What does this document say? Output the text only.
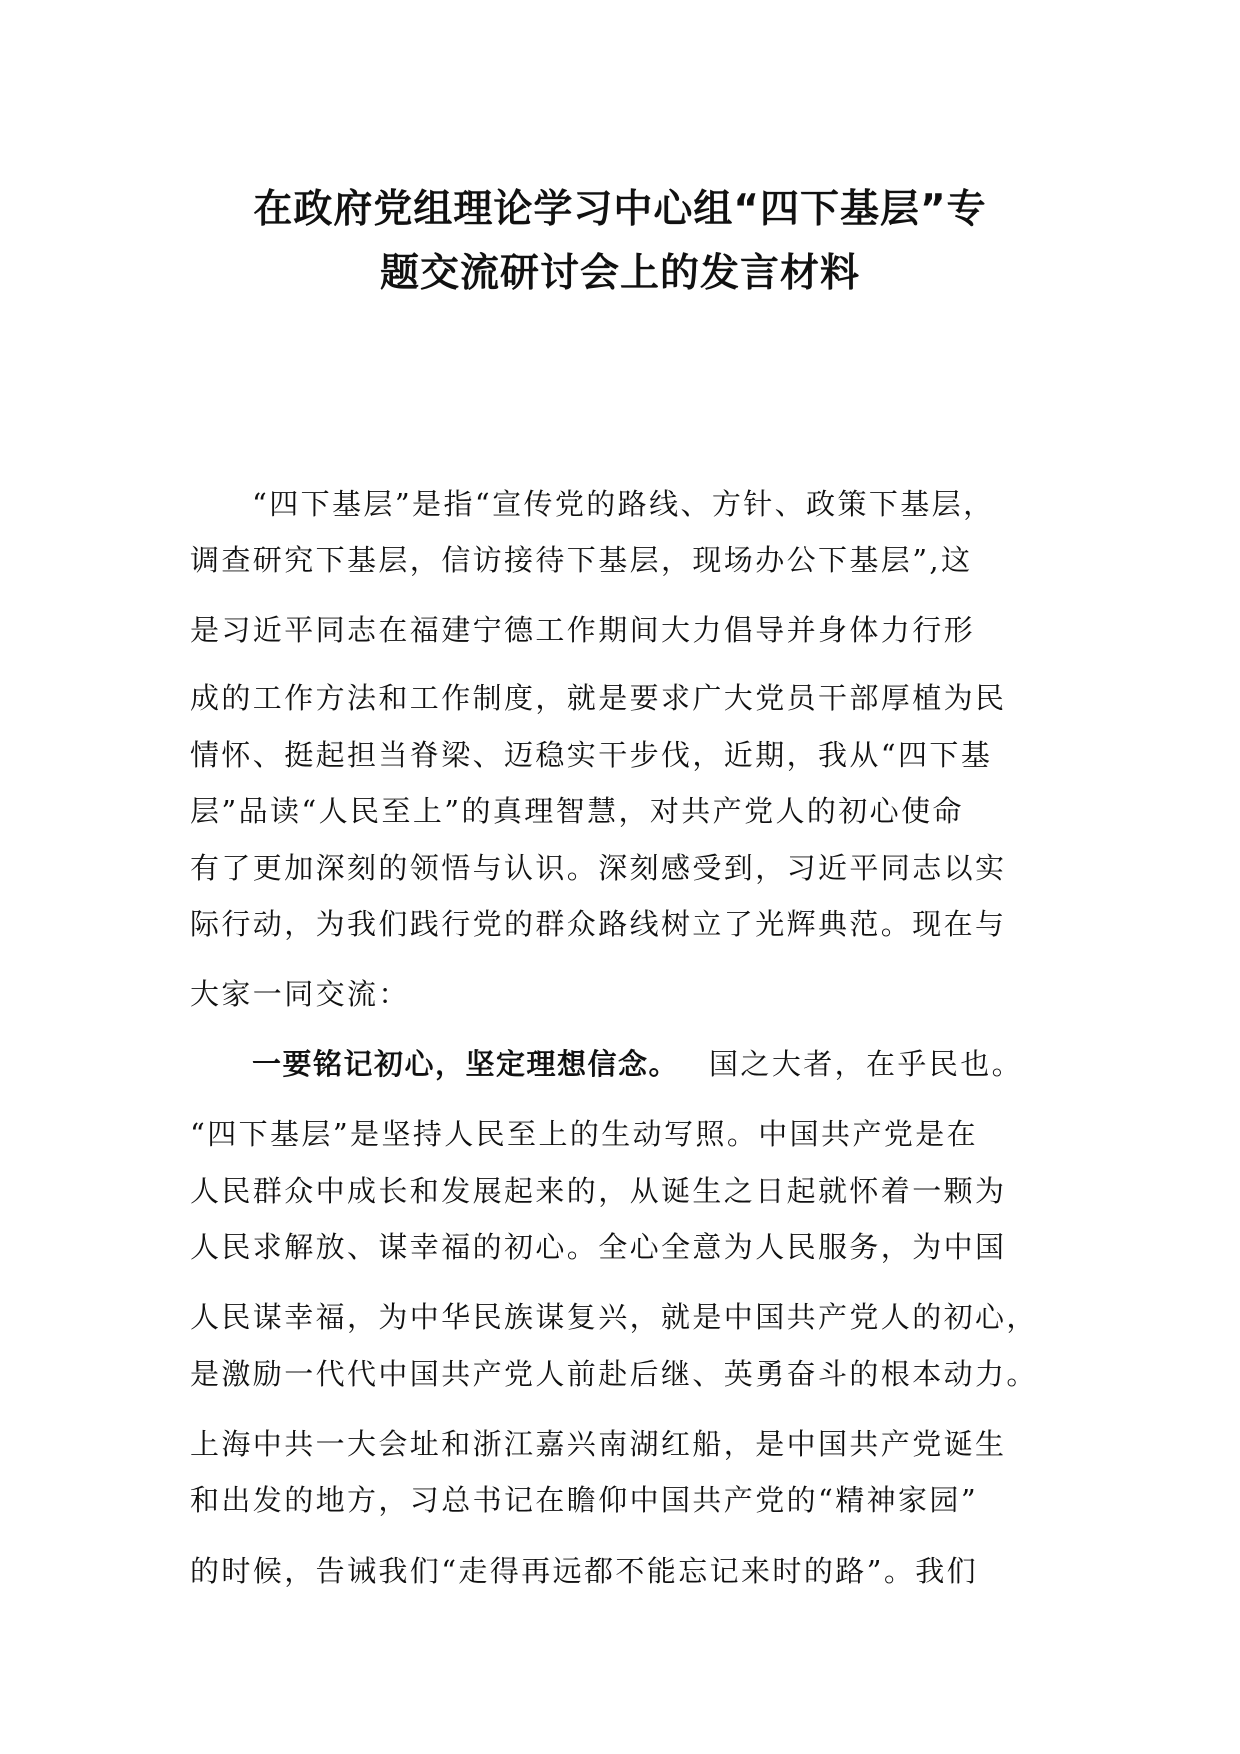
在政府党组理论学习中心组“四下基层”专
题交流研讨会上的发言材料
“四下基层”是指“宣传党的路线、方针、政策下基层，
调查研究下基层，信访接待下基层，现场办公下基层”,这
是习近平同志在福建宁德工作期间大力倡导并身体力行形
成的工作方法和工作制度，就是要求广大党员干部厚植为民
情怀、挺起担当脊梁、迈稳实干步伐，近期，我从“四下基
层”品读“人民至上”的真理智慧，对共产党人的初心使命
有了更加深刻的领悟与认识。深刻感受到，习近平同志以实
际行动，为我们践行党的群众路线树立了光辉典范。现在与
大家一同交流：
一要铭记初心，坚定理想信念。 国之大者，在乎民也。
“四下基层”是坚持人民至上的生动写照。中国共产党是在
人民群众中成长和发展起来的，从诞生之日起就怀着一颗为
人民求解放、谋幸福的初心。全心全意为人民服务，为中国
人民谋幸福，为中华民族谋复兴，就是中国共产党人的初心，
是激励一代代中国共产党人前赴后继、英勇奋斗的根本动力。
上海中共一大会址和浙江嘉兴南湖红船，是中国共产党诞生
和出发的地方，习总书记在瞻仰中国共产党的“精神家园”
的时候，告诫我们“走得再远都不能忘记来时的路”。我们
